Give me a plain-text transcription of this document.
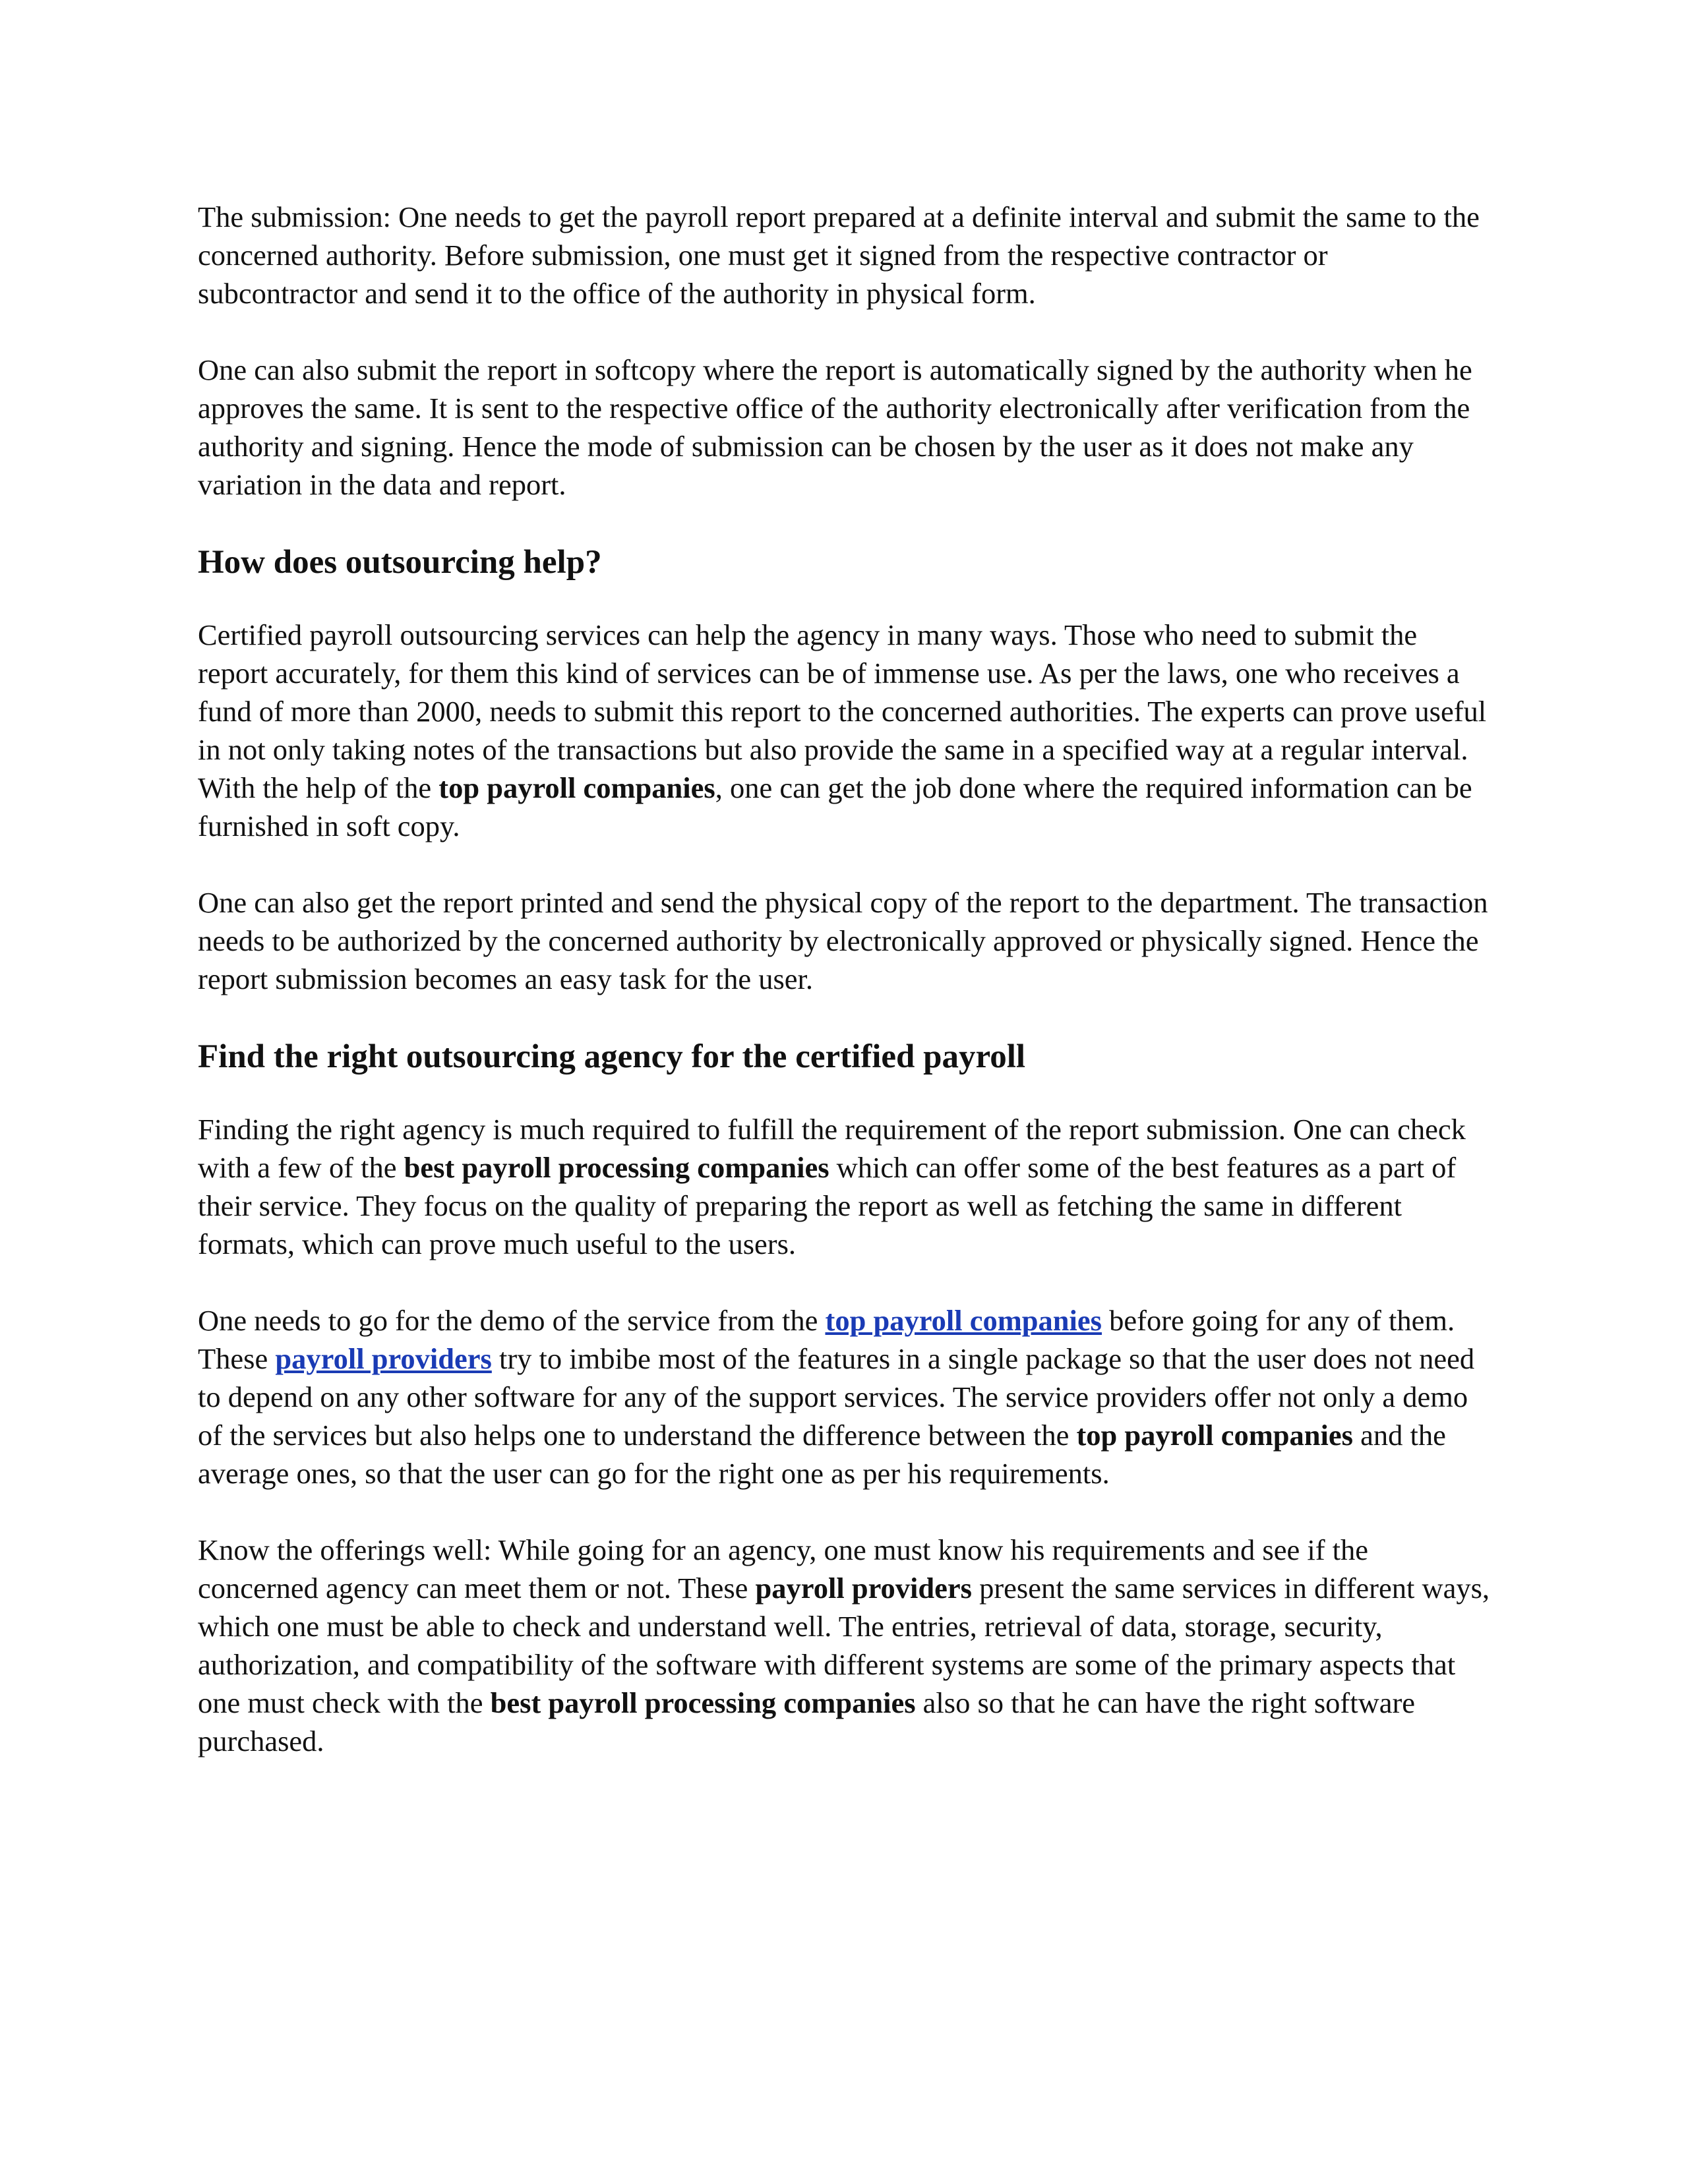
The submission: One needs to get the payroll report prepared at a definite interval and submit the same to the concerned authority. Before submission, one must get it signed from the respective contractor or subcontractor and send it to the office of the authority in physical form.

One can also submit the report in softcopy where the report is automatically signed by the authority when he approves the same. It is sent to the respective office of the authority electronically after verification from the authority and signing. Hence the mode of submission can be chosen by the user as it does not make any variation in the data and report.

How does outsourcing help?

Certified payroll outsourcing services can help the agency in many ways. Those who need to submit the report accurately, for them this kind of services can be of immense use. As per the laws, one who receives a fund of more than 2000, needs to submit this report to the concerned authorities. The experts can prove useful in not only taking notes of the transactions but also provide the same in a specified way at a regular interval. With the help of the top payroll companies, one can get the job done where the required information can be furnished in soft copy.

One can also get the report printed and send the physical copy of the report to the department. The transaction needs to be authorized by the concerned authority by electronically approved or physically signed. Hence the report submission becomes an easy task for the user.

Find the right outsourcing agency for the certified payroll

Finding the right agency is much required to fulfill the requirement of the report submission. One can check with a few of the best payroll processing companies which can offer some of the best features as a part of their service. They focus on the quality of preparing the report as well as fetching the same in different formats, which can prove much useful to the users.

One needs to go for the demo of the service from the top payroll companies before going for any of them. These payroll providers try to imbibe most of the features in a single package so that the user does not need to depend on any other software for any of the support services. The service providers offer not only a demo of the services but also helps one to understand the difference between the top payroll companies and the average ones, so that the user can go for the right one as per his requirements.

Know the offerings well: While going for an agency, one must know his requirements and see if the concerned agency can meet them or not. These payroll providers present the same services in different ways, which one must be able to check and understand well. The entries, retrieval of data, storage, security, authorization, and compatibility of the software with different systems are some of the primary aspects that one must check with the best payroll processing companies also so that he can have the right software purchased.
